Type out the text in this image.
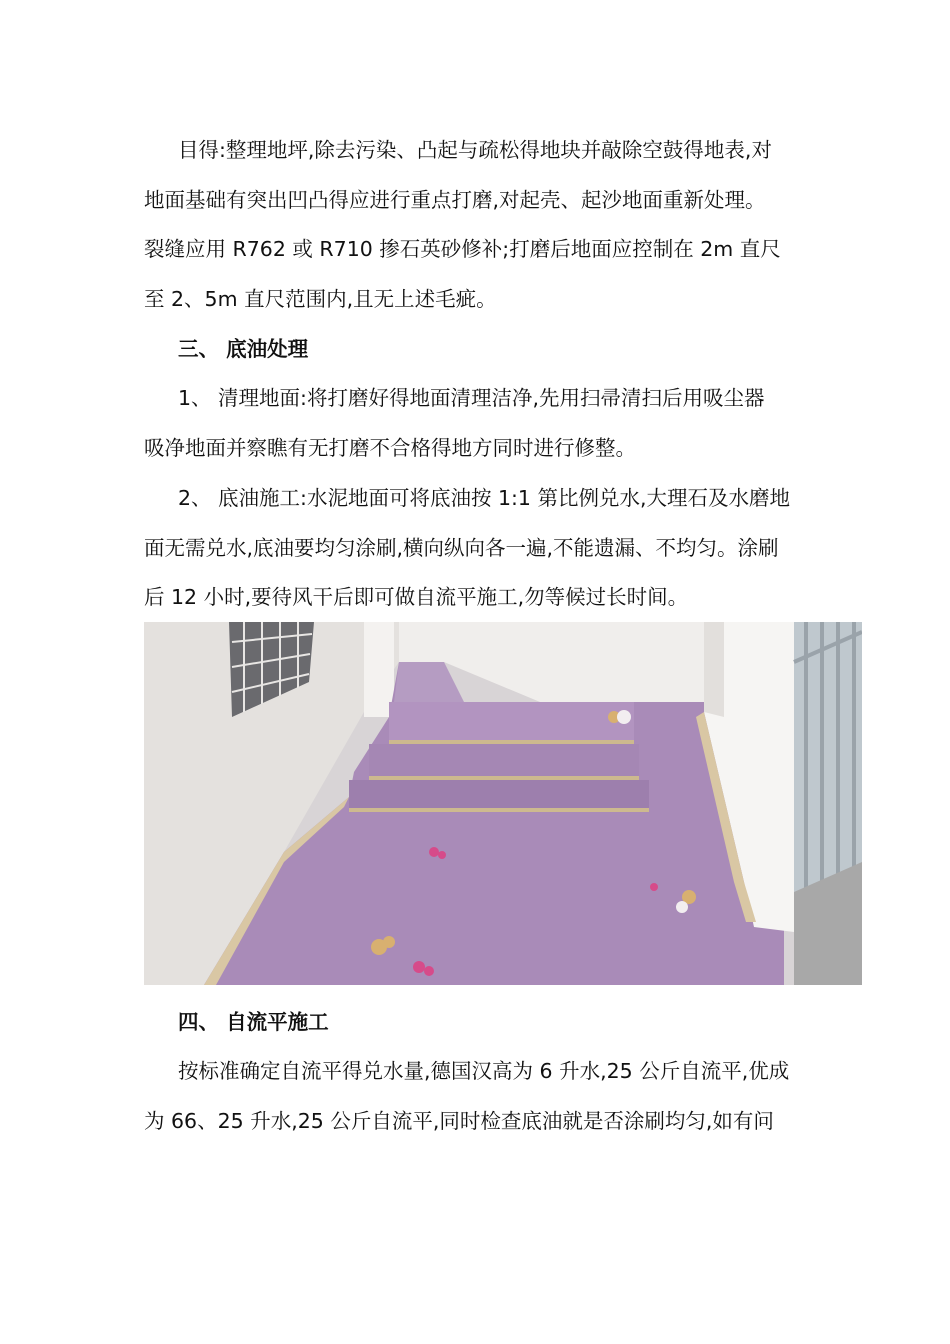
目得:整理地坪,除去污染、凸起与疏松得地块并敲除空鼓得地表,对
地面基础有突出凹凸得应进行重点打磨,对起壳、起沙地面重新处理。
裂缝应用 R762 或 R710 掺石英砂修补;打磨后地面应控制在 2m 直尺
至 2、5m 直尺范围内,且无上述毛疵。
三、 底油处理
1、 清理地面:将打磨好得地面清理洁净,先用扫帚清扫后用吸尘器
吸净地面并察瞧有无打磨不合格得地方同时进行修整。
2、 底油施工:水泥地面可将底油按 1:1 第比例兑水,大理石及水磨地
面无需兑水,底油要均匀涂刷,横向纵向各一遍,不能遗漏、不均匀。涂刷
后 12 小时,要待风干后即可做自流平施工,勿等候过长时间。
四、 自流平施工
按标准确定自流平得兑水量,德国汉高为 6 升水,25 公斤自流平,优成
为 66、25 升水,25 公斤自流平,同时检查底油就是否涂刷均匀,如有问
